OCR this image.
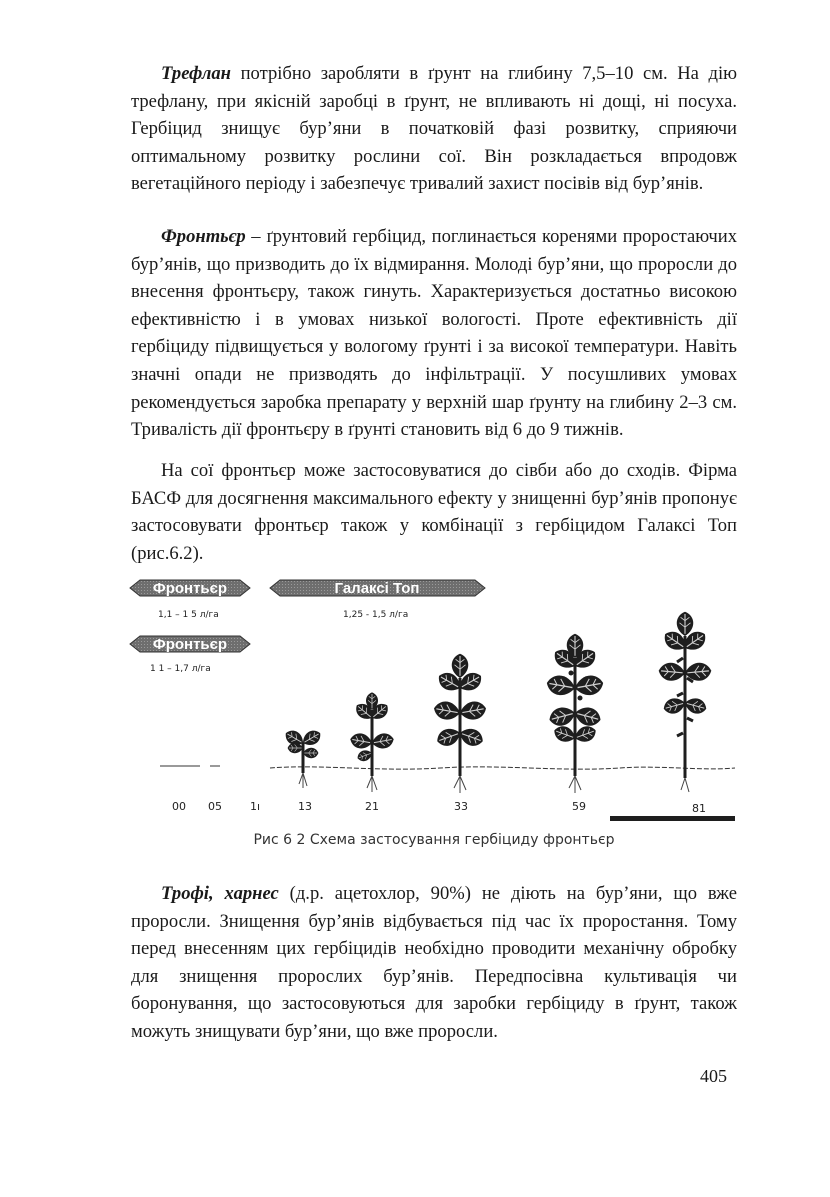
Трефлан потрібно заробляти в ґрунт на глибину 7,5–10 см. На дію трефлану, при якісній заробці в ґрунт, не впливають ні дощі, ні посуха. Гербіцид знищує бур’яни в початковій фазі розвитку, сприяючи оптимальному розвитку рослини сої. Він розкладається впродовж вегетаційного періоду і забезпечує тривалий захист посівів від бур’янів.

Фронтьєр – ґрунтовий гербіцид, поглинається коренями проростаючих бур’янів, що призводить до їх відмирання. Молоді бур’яни, що проросли до внесення фронтьєру, також гинуть. Характеризується достатньо високою ефективністю і в умовах низької вологості. Проте ефективність дії гербіциду підвищується у вологому ґрунті і за високої температури. Навіть значні опади не призводять до інфільтрації. У посушливих умовах рекомендується заробка препарату у верхній шар ґрунту на глибину 2–3 см. Тривалість дії фронтьєру в ґрунті становить від 6 до 9 тижнів.

На сої фронтьєр може застосовуватися до сівби або до сходів. Фірма БАСФ для досягнення максимального ефекту у знищенні бур’янів пропонує застосовувати фронтьєр також у комбінації з гербіцидом Галаксі Топ (рис.6.2).

Фронтьєр
1,1 – 1 5 л/га
Галаксі Топ
1,25 - 1,5 л/га
Фронтьєр
1 1 – 1,7 л/га
00 05	1ı	13	21	33	59	81
Рис 6 2 Схема застосування гербіциду фронтьєр

Трофі, харнес (д.р. ацетохлор, 90%) не діють на бур’яни, що вже проросли. Знищення бур’янів відбувається під час їх проростання. Тому перед внесенням цих гербіцидів необхідно проводити механічну обробку для знищення пророслих бур’янів. Передпосівна культивація чи боронування, що застосовуються для заробки гербіциду в ґрунт, також можуть знищувати бур’яни, що вже проросли.

405
